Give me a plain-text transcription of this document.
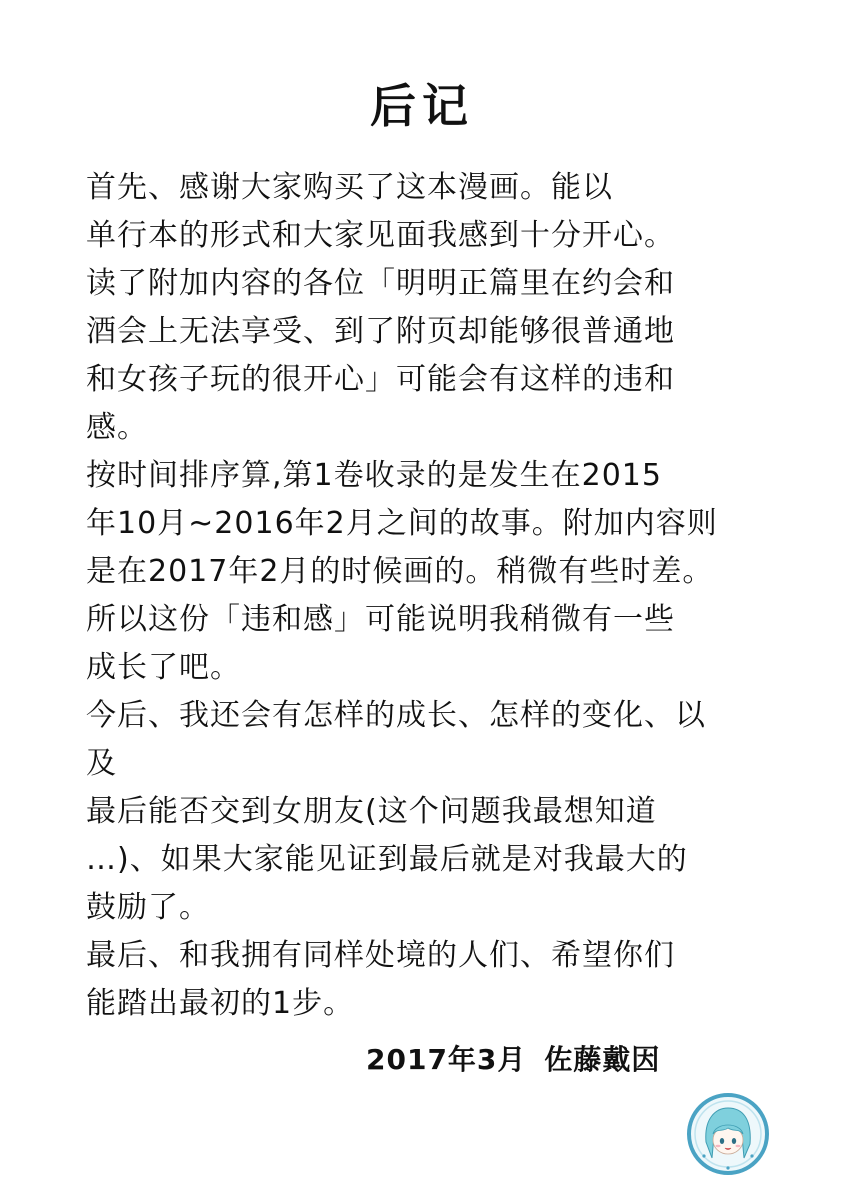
后记
首先、感谢大家购买了这本漫画。能以
单行本的形式和大家见面我感到十分开心。
读了附加内容的各位「明明正篇里在约会和
酒会上无法享受、到了附页却能够很普通地
和女孩子玩的很开心」可能会有这样的违和
感。
按时间排序算,第1卷收录的是发生在2015
年10月~2016年2月之间的故事。附加内容则
是在2017年2月的时候画的。稍微有些时差。
所以这份「违和感」可能说明我稍微有一些
成长了吧。
今后、我还会有怎样的成长、怎样的变化、以
及
最后能否交到女朋友(这个问题我最想知道
…)、如果大家能见证到最后就是对我最大的
鼓励了。
最后、和我拥有同样处境的人们、希望你们
能踏出最初的1步。
2017年3月 佐藤戴因
